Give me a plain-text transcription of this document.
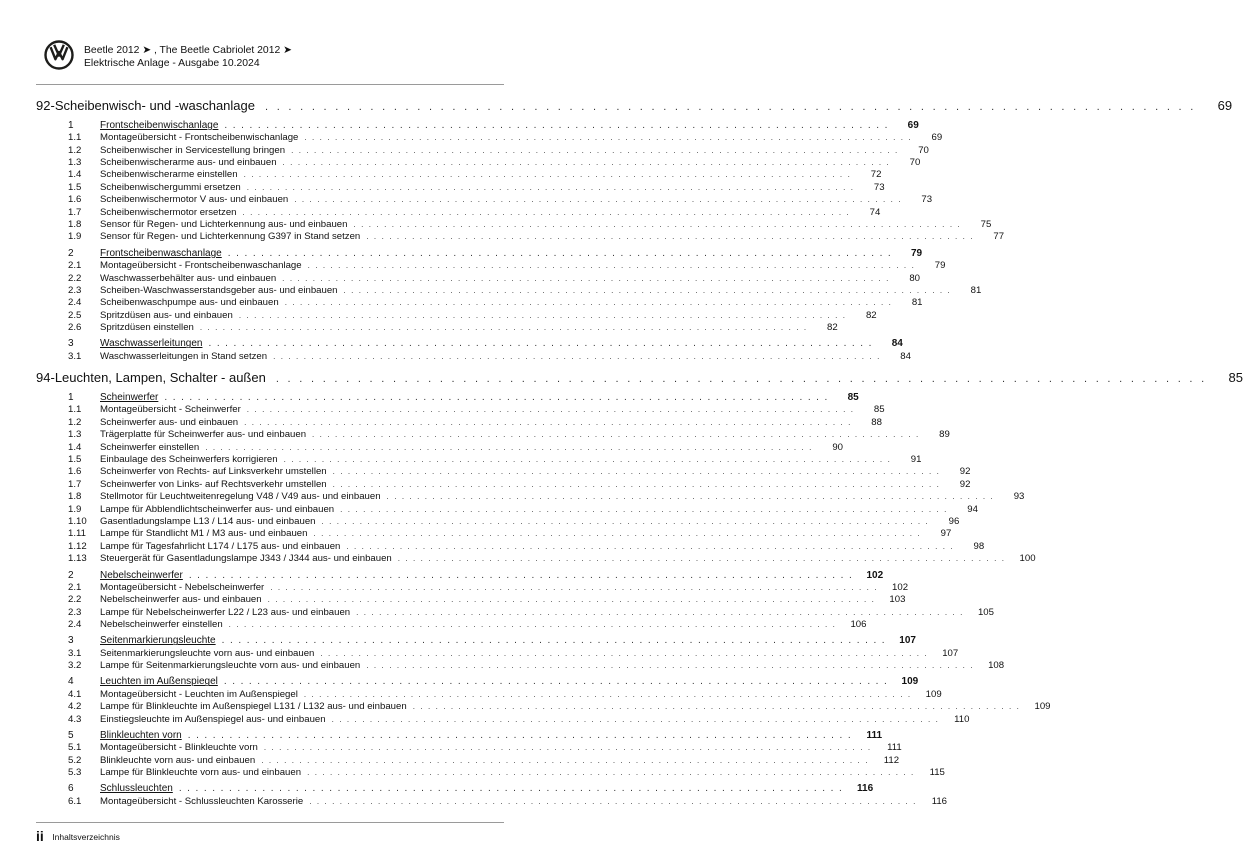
Beetle 2012 ➤ , The Beetle Cabriolet 2012 ➤
Elektrische Anlage - Ausgabe 10.2024
92 - Scheibenwisch- und -waschanlage . . . . . . . . . . . . . . . . . . . . . . . . . . . . . . . . . . . . . . . . . . . . . . . . . . . . . . . . . . . . . . . . . . . . . . . . . . . . . . . .	69
1	Frontscheibenwischanlage . . . . . . . . . . . . . . . . . . . . . . . . . . . . . . . . . . . . . . . . . . . . . . . . . . . . . . . . . . . . . . . . . . . . . . . . . . . . . . . .	69
1.1	Montageübersicht - Frontscheibenwischanlage . . . . . . . . . . . . . . . . . . . . . . . . . . . . . . . . . . . . . . . . . . . . . . . . . . . . . . . . . . . . . . . . . . . . . . . . . . . . . . . .	69
1.2	Scheibenwischer in Servicestellung bringen . . . . . . . . . . . . . . . . . . . . . . . . . . . . . . . . . . . . . . . . . . . . . . . . . . . . . . . . . . . . . . . . . . . . . . . . . . . . . . . .	70
1.3	Scheibenwischerarme aus- und einbauen . . . . . . . . . . . . . . . . . . . . . . . . . . . . . . . . . . . . . . . . . . . . . . . . . . . . . . . . . . . . . . . . . . . . . . . . . . . . . . . .	70
1.4	Scheibenwischerarme einstellen . . . . . . . . . . . . . . . . . . . . . . . . . . . . . . . . . . . . . . . . . . . . . . . . . . . . . . . . . . . . . . . . . . . . . . . . . . . . . . . .	72
1.5	Scheibenwischergummi ersetzen . . . . . . . . . . . . . . . . . . . . . . . . . . . . . . . . . . . . . . . . . . . . . . . . . . . . . . . . . . . . . . . . . . . . . . . . . . . . . . . .	73
1.6	Scheibenwischermotor V aus- und einbauen . . . . . . . . . . . . . . . . . . . . . . . . . . . . . . . . . . . . . . . . . . . . . . . . . . . . . . . . . . . . . . . . . . . . . . . . . . . . . . . .	73
1.7	Scheibenwischermotor ersetzen . . . . . . . . . . . . . . . . . . . . . . . . . . . . . . . . . . . . . . . . . . . . . . . . . . . . . . . . . . . . . . . . . . . . . . . . . . . . . . . .	74
1.8	Sensor für Regen- und Lichterkennung aus- und einbauen . . . . . . . . . . . . . . . . . . . . . . . . . . . . . . . . . . . . . . . . . . . . . . . . . . . . . . . . . . . . . . . . . . . . . . . . . . . . . . . .	75
1.9	Sensor für Regen- und Lichterkennung G397 in Stand setzen . . . . . . . . . . . . . . . . . . . . . . . . . . . . . . . . . . . . . . . . . . . . . . . . . . . . . . . . . . . . . . . . . . . . . . . . . . . . . . . .	77
2	Frontscheibenwaschanlage . . . . . . . . . . . . . . . . . . . . . . . . . . . . . . . . . . . . . . . . . . . . . . . . . . . . . . . . . . . . . . . . . . . . . . . . . . . . . . . .	79
2.1	Montageübersicht - Frontscheibenwaschanlage . . . . . . . . . . . . . . . . . . . . . . . . . . . . . . . . . . . . . . . . . . . . . . . . . . . . . . . . . . . . . . . . . . . . . . . . . . . . . . . .	79
2.2	Waschwasserbehälter aus- und einbauen . . . . . . . . . . . . . . . . . . . . . . . . . . . . . . . . . . . . . . . . . . . . . . . . . . . . . . . . . . . . . . . . . . . . . . . . . . . . . . . .	80
2.3	Scheiben-Waschwasserstandsgeber aus- und einbauen . . . . . . . . . . . . . . . . . . . . . . . . . . . . . . . . . . . . . . . . . . . . . . . . . . . . . . . . . . . . . . . . . . . . . . . . . . . . . . . .	81
2.4	Scheibenwaschpumpe aus- und einbauen . . . . . . . . . . . . . . . . . . . . . . . . . . . . . . . . . . . . . . . . . . . . . . . . . . . . . . . . . . . . . . . . . . . . . . . . . . . . . . . .	81
2.5	Spritzdüsen aus- und einbauen . . . . . . . . . . . . . . . . . . . . . . . . . . . . . . . . . . . . . . . . . . . . . . . . . . . . . . . . . . . . . . . . . . . . . . . . . . . . . . . .	82
2.6	Spritzdüsen einstellen . . . . . . . . . . . . . . . . . . . . . . . . . . . . . . . . . . . . . . . . . . . . . . . . . . . . . . . . . . . . . . . . . . . . . . . . . . . . . . . .	82
3	Waschwasserleitungen . . . . . . . . . . . . . . . . . . . . . . . . . . . . . . . . . . . . . . . . . . . . . . . . . . . . . . . . . . . . . . . . . . . . . . . . . . . . . . . .	84
3.1	Waschwasserleitungen in Stand setzen . . . . . . . . . . . . . . . . . . . . . . . . . . . . . . . . . . . . . . . . . . . . . . . . . . . . . . . . . . . . . . . . . . . . . . . . . . . . . . . .	84
94 - Leuchten, Lampen, Schalter - außen . . . . . . . . . . . . . . . . . . . . . . . . . . . . . . . . . . . . . . . . . . . . . . . . . . . . . . . . . . . . . . . . . . . . . . . . . . . . . . . .	85
1	Scheinwerfer . . . . . . . . . . . . . . . . . . . . . . . . . . . . . . . . . . . . . . . . . . . . . . . . . . . . . . . . . . . . . . . . . . . . . . . . . . . . . . . .	85
1.1	Montageübersicht - Scheinwerfer . . . . . . . . . . . . . . . . . . . . . . . . . . . . . . . . . . . . . . . . . . . . . . . . . . . . . . . . . . . . . . . . . . . . . . . . . . . . . . . .	85
1.2	Scheinwerfer aus- und einbauen . . . . . . . . . . . . . . . . . . . . . . . . . . . . . . . . . . . . . . . . . . . . . . . . . . . . . . . . . . . . . . . . . . . . . . . . . . . . . . . .	88
1.3	Trägerplatte für Scheinwerfer aus- und einbauen . . . . . . . . . . . . . . . . . . . . . . . . . . . . . . . . . . . . . . . . . . . . . . . . . . . . . . . . . . . . . . . . . . . . . . . . . . . . . . . .	89
1.4	Scheinwerfer einstellen . . . . . . . . . . . . . . . . . . . . . . . . . . . . . . . . . . . . . . . . . . . . . . . . . . . . . . . . . . . . . . . . . . . . . . . . . . . . . . . .	90
1.5	Einbaulage des Scheinwerfers korrigieren . . . . . . . . . . . . . . . . . . . . . . . . . . . . . . . . . . . . . . . . . . . . . . . . . . . . . . . . . . . . . . . . . . . . . . . . . . . . . . . .	91
1.6	Scheinwerfer von Rechts- auf Linksverkehr umstellen . . . . . . . . . . . . . . . . . . . . . . . . . . . . . . . . . . . . . . . . . . . . . . . . . . . . . . . . . . . . . . . . . . . . . . . . . . . . . . . .	92
1.7	Scheinwerfer von Links- auf Rechtsverkehr umstellen . . . . . . . . . . . . . . . . . . . . . . . . . . . . . . . . . . . . . . . . . . . . . . . . . . . . . . . . . . . . . . . . . . . . . . . . . . . . . . . .	92
1.8	Stellmotor für Leuchtweitenregelung V48 / V49 aus- und einbauen . . . . . . . . . . . . . . . . . . . . . . . . . . . . . . . . . . . . . . . . . . . . . . . . . . . . . . . . . . . . . . . . . . . . . . . . . . . . . . . .	93
1.9	Lampe für Abblendlichtscheinwerfer aus- und einbauen . . . . . . . . . . . . . . . . . . . . . . . . . . . . . . . . . . . . . . . . . . . . . . . . . . . . . . . . . . . . . . . . . . . . . . . . . . . . . . . .	94
1.10	Gasentladungslampe L13 / L14 aus- und einbauen . . . . . . . . . . . . . . . . . . . . . . . . . . . . . . . . . . . . . . . . . . . . . . . . . . . . . . . . . . . . . . . . . . . . . . . . . . . . . . . .	96
1.11	Lampe für Standlicht M1 / M3 aus- und einbauen . . . . . . . . . . . . . . . . . . . . . . . . . . . . . . . . . . . . . . . . . . . . . . . . . . . . . . . . . . . . . . . . . . . . . . . . . . . . . . . .	97
1.12	Lampe für Tagesfahrlicht L174 / L175 aus- und einbauen . . . . . . . . . . . . . . . . . . . . . . . . . . . . . . . . . . . . . . . . . . . . . . . . . . . . . . . . . . . . . . . . . . . . . . . . . . . . . . . .	98
1.13	Steuergerät für Gasentladungslampe J343 / J344 aus- und einbauen . . . . . . . . . . . . . . . . . . . . . . . . . . . . . . . . . . . . . . . . . . . . . . . . . . . . . . . . . . . . . . . . . . . . . . . . . . . . . . . .	100
2	Nebelscheinwerfer . . . . . . . . . . . . . . . . . . . . . . . . . . . . . . . . . . . . . . . . . . . . . . . . . . . . . . . . . . . . . . . . . . . . . . . . . . . . . . . .	102
2.1	Montageübersicht - Nebelscheinwerfer . . . . . . . . . . . . . . . . . . . . . . . . . . . . . . . . . . . . . . . . . . . . . . . . . . . . . . . . . . . . . . . . . . . . . . . . . . . . . . . .	102
2.2	Nebelscheinwerfer aus- und einbauen . . . . . . . . . . . . . . . . . . . . . . . . . . . . . . . . . . . . . . . . . . . . . . . . . . . . . . . . . . . . . . . . . . . . . . . . . . . . . . . .	103
2.3	Lampe für Nebelscheinwerfer L22 / L23 aus- und einbauen . . . . . . . . . . . . . . . . . . . . . . . . . . . . . . . . . . . . . . . . . . . . . . . . . . . . . . . . . . . . . . . . . . . . . . . . . . . . . . . .	105
2.4	Nebelscheinwerfer einstellen . . . . . . . . . . . . . . . . . . . . . . . . . . . . . . . . . . . . . . . . . . . . . . . . . . . . . . . . . . . . . . . . . . . . . . . . . . . . . . . .	106
3	Seitenmarkierungsleuchte . . . . . . . . . . . . . . . . . . . . . . . . . . . . . . . . . . . . . . . . . . . . . . . . . . . . . . . . . . . . . . . . . . . . . . . . . . . . . . . .	107
3.1	Seitenmarkierungsleuchte vorn aus- und einbauen . . . . . . . . . . . . . . . . . . . . . . . . . . . . . . . . . . . . . . . . . . . . . . . . . . . . . . . . . . . . . . . . . . . . . . . . . . . . . . . .	107
3.2	Lampe für Seitenmarkierungsleuchte vorn aus- und einbauen . . . . . . . . . . . . . . . . . . . . . . . . . . . . . . . . . . . . . . . . . . . . . . . . . . . . . . . . . . . . . . . . . . . . . . . . . . . . . . . .	108
4	Leuchten im Außenspiegel . . . . . . . . . . . . . . . . . . . . . . . . . . . . . . . . . . . . . . . . . . . . . . . . . . . . . . . . . . . . . . . . . . . . . . . . . . . . . . . .	109
4.1	Montageübersicht - Leuchten im Außenspiegel . . . . . . . . . . . . . . . . . . . . . . . . . . . . . . . . . . . . . . . . . . . . . . . . . . . . . . . . . . . . . . . . . . . . . . . . . . . . . . . .	109
4.2	Lampe für Blinkleuchte im Außenspiegel L131 / L132 aus- und einbauen . . . . . . . . . . . . . . . . . . . . . . . . . . . . . . . . . . . . . . . . . . . . . . . . . . . . . . . . . . . . . . . . . . . . . . . . . . . . . . . .	109
4.3	Einstiegsleuchte im Außenspiegel aus- und einbauen . . . . . . . . . . . . . . . . . . . . . . . . . . . . . . . . . . . . . . . . . . . . . . . . . . . . . . . . . . . . . . . . . . . . . . . . . . . . . . . .	110
5	Blinkleuchten vorn . . . . . . . . . . . . . . . . . . . . . . . . . . . . . . . . . . . . . . . . . . . . . . . . . . . . . . . . . . . . . . . . . . . . . . . . . . . . . . . .	111
5.1	Montageübersicht - Blinkleuchte vorn . . . . . . . . . . . . . . . . . . . . . . . . . . . . . . . . . . . . . . . . . . . . . . . . . . . . . . . . . . . . . . . . . . . . . . . . . . . . . . . .	111
5.2	Blinkleuchte vorn aus- und einbauen . . . . . . . . . . . . . . . . . . . . . . . . . . . . . . . . . . . . . . . . . . . . . . . . . . . . . . . . . . . . . . . . . . . . . . . . . . . . . . . .	112
5.3	Lampe für Blinkleuchte vorn aus- und einbauen . . . . . . . . . . . . . . . . . . . . . . . . . . . . . . . . . . . . . . . . . . . . . . . . . . . . . . . . . . . . . . . . . . . . . . . . . . . . . . . .	115
6	Schlussleuchten . . . . . . . . . . . . . . . . . . . . . . . . . . . . . . . . . . . . . . . . . . . . . . . . . . . . . . . . . . . . . . . . . . . . . . . . . . . . . . . .	116
6.1	Montageübersicht - Schlussleuchten Karosserie . . . . . . . . . . . . . . . . . . . . . . . . . . . . . . . . . . . . . . . . . . . . . . . . . . . . . . . . . . . . . . . . . . . . . . . . . . . . . . . .	116
ii Inhaltsverzeichnis
